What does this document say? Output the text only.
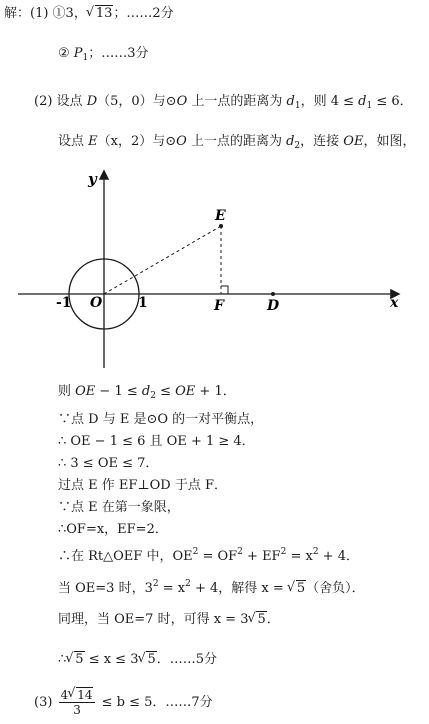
解：(1) ①3， √ 13；……2分
② $P_1$；……3分
(2) 设点 D（5，0）与⊙O 上一点的距离为 $d_1$，则 $4 \le d_1 \le 6$．
设点 E（x，2）与⊙O 上一点的距离为 $d_2$，连接 OE，如图，
y
x
O
-1	1
E
F	D
则 OE − $1 \le d_2$ ≤ OE + 1．
∵点 D 与 E 是⊙O 的一对平衡点，
∴ OE − 1 ≤ 6 且 OE + 1 ≥ 4．
∴ 3 ≤ OE ≤ 7．
过点 E 作 EF⊥OD 于点 F．
∵点 E 在第一象限，
∴OF=x，EF=2．
∴在 Rt△OEF 中，$OE^2 = OF^2 + EF^2 = x^2 + 4$．
当 OE=3 时，$3^2 = x^2 + 4$，解得 x = √ 5（舍负）．
同理，当 OE=7 时，可得 x = 3 √ 5．
∴ √ 5 ≤ x ≤ 3 √ 5．……5分
$(3) \frac{4 √ 14}{3} \le b \le 5$．……7分
